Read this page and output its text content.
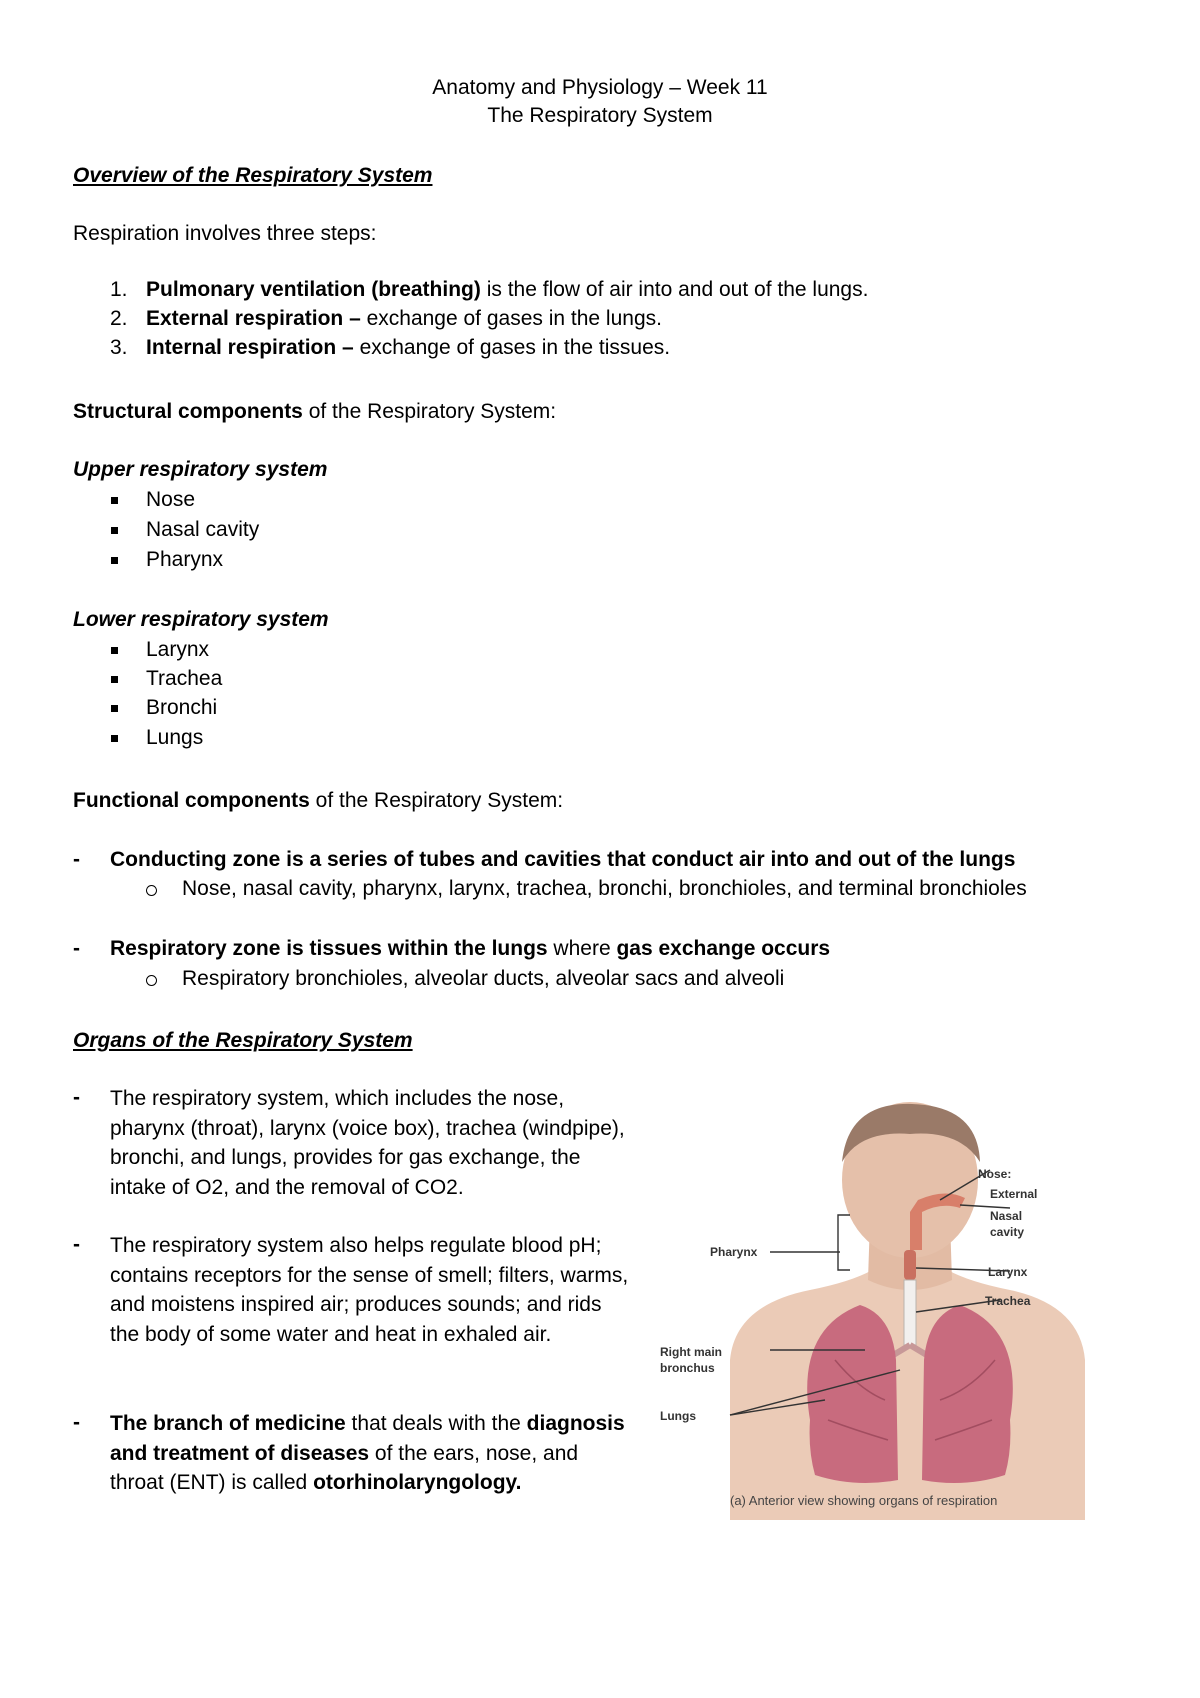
Anatomy and Physiology – Week 11
The Respiratory System
Overview of the Respiratory System
Respiration involves three steps:
1. Pulmonary ventilation (breathing) is the flow of air into and out of the lungs.
2. External respiration – exchange of gases in the lungs.
3. Internal respiration – exchange of gases in the tissues.
Structural components of the Respiratory System:
Upper respiratory system
Nose
Nasal cavity
Pharynx
Lower respiratory system
Larynx
Trachea
Bronchi
Lungs
Functional components of the Respiratory System:
- Conducting zone is a series of tubes and cavities that conduct air into and out of the lungs
Nose, nasal cavity, pharynx, larynx, trachea, bronchi, bronchioles, and terminal bronchioles
- Respiratory zone is tissues within the lungs where gas exchange occurs
Respiratory bronchioles, alveolar ducts, alveolar sacs and alveoli
Organs of the Respiratory System
- The respiratory system, which includes the nose, pharynx (throat), larynx (voice box), trachea (windpipe), bronchi, and lungs, provides for gas exchange, the intake of O2, and the removal of CO2.
- The respiratory system also helps regulate blood pH; contains receptors for the sense of smell; filters, warms, and moistens inspired air; produces sounds; and rids the body of some water and heat in exhaled air.
- The branch of medicine that deals with the diagnosis and treatment of diseases of the ears, nose, and throat (ENT) is called otorhinolaryngology.
Nose:
External
Nasal
cavity
Pharynx
Larynx
Trachea
Right main
bronchus
Lungs
(a) Anterior view showing organs of respiration
